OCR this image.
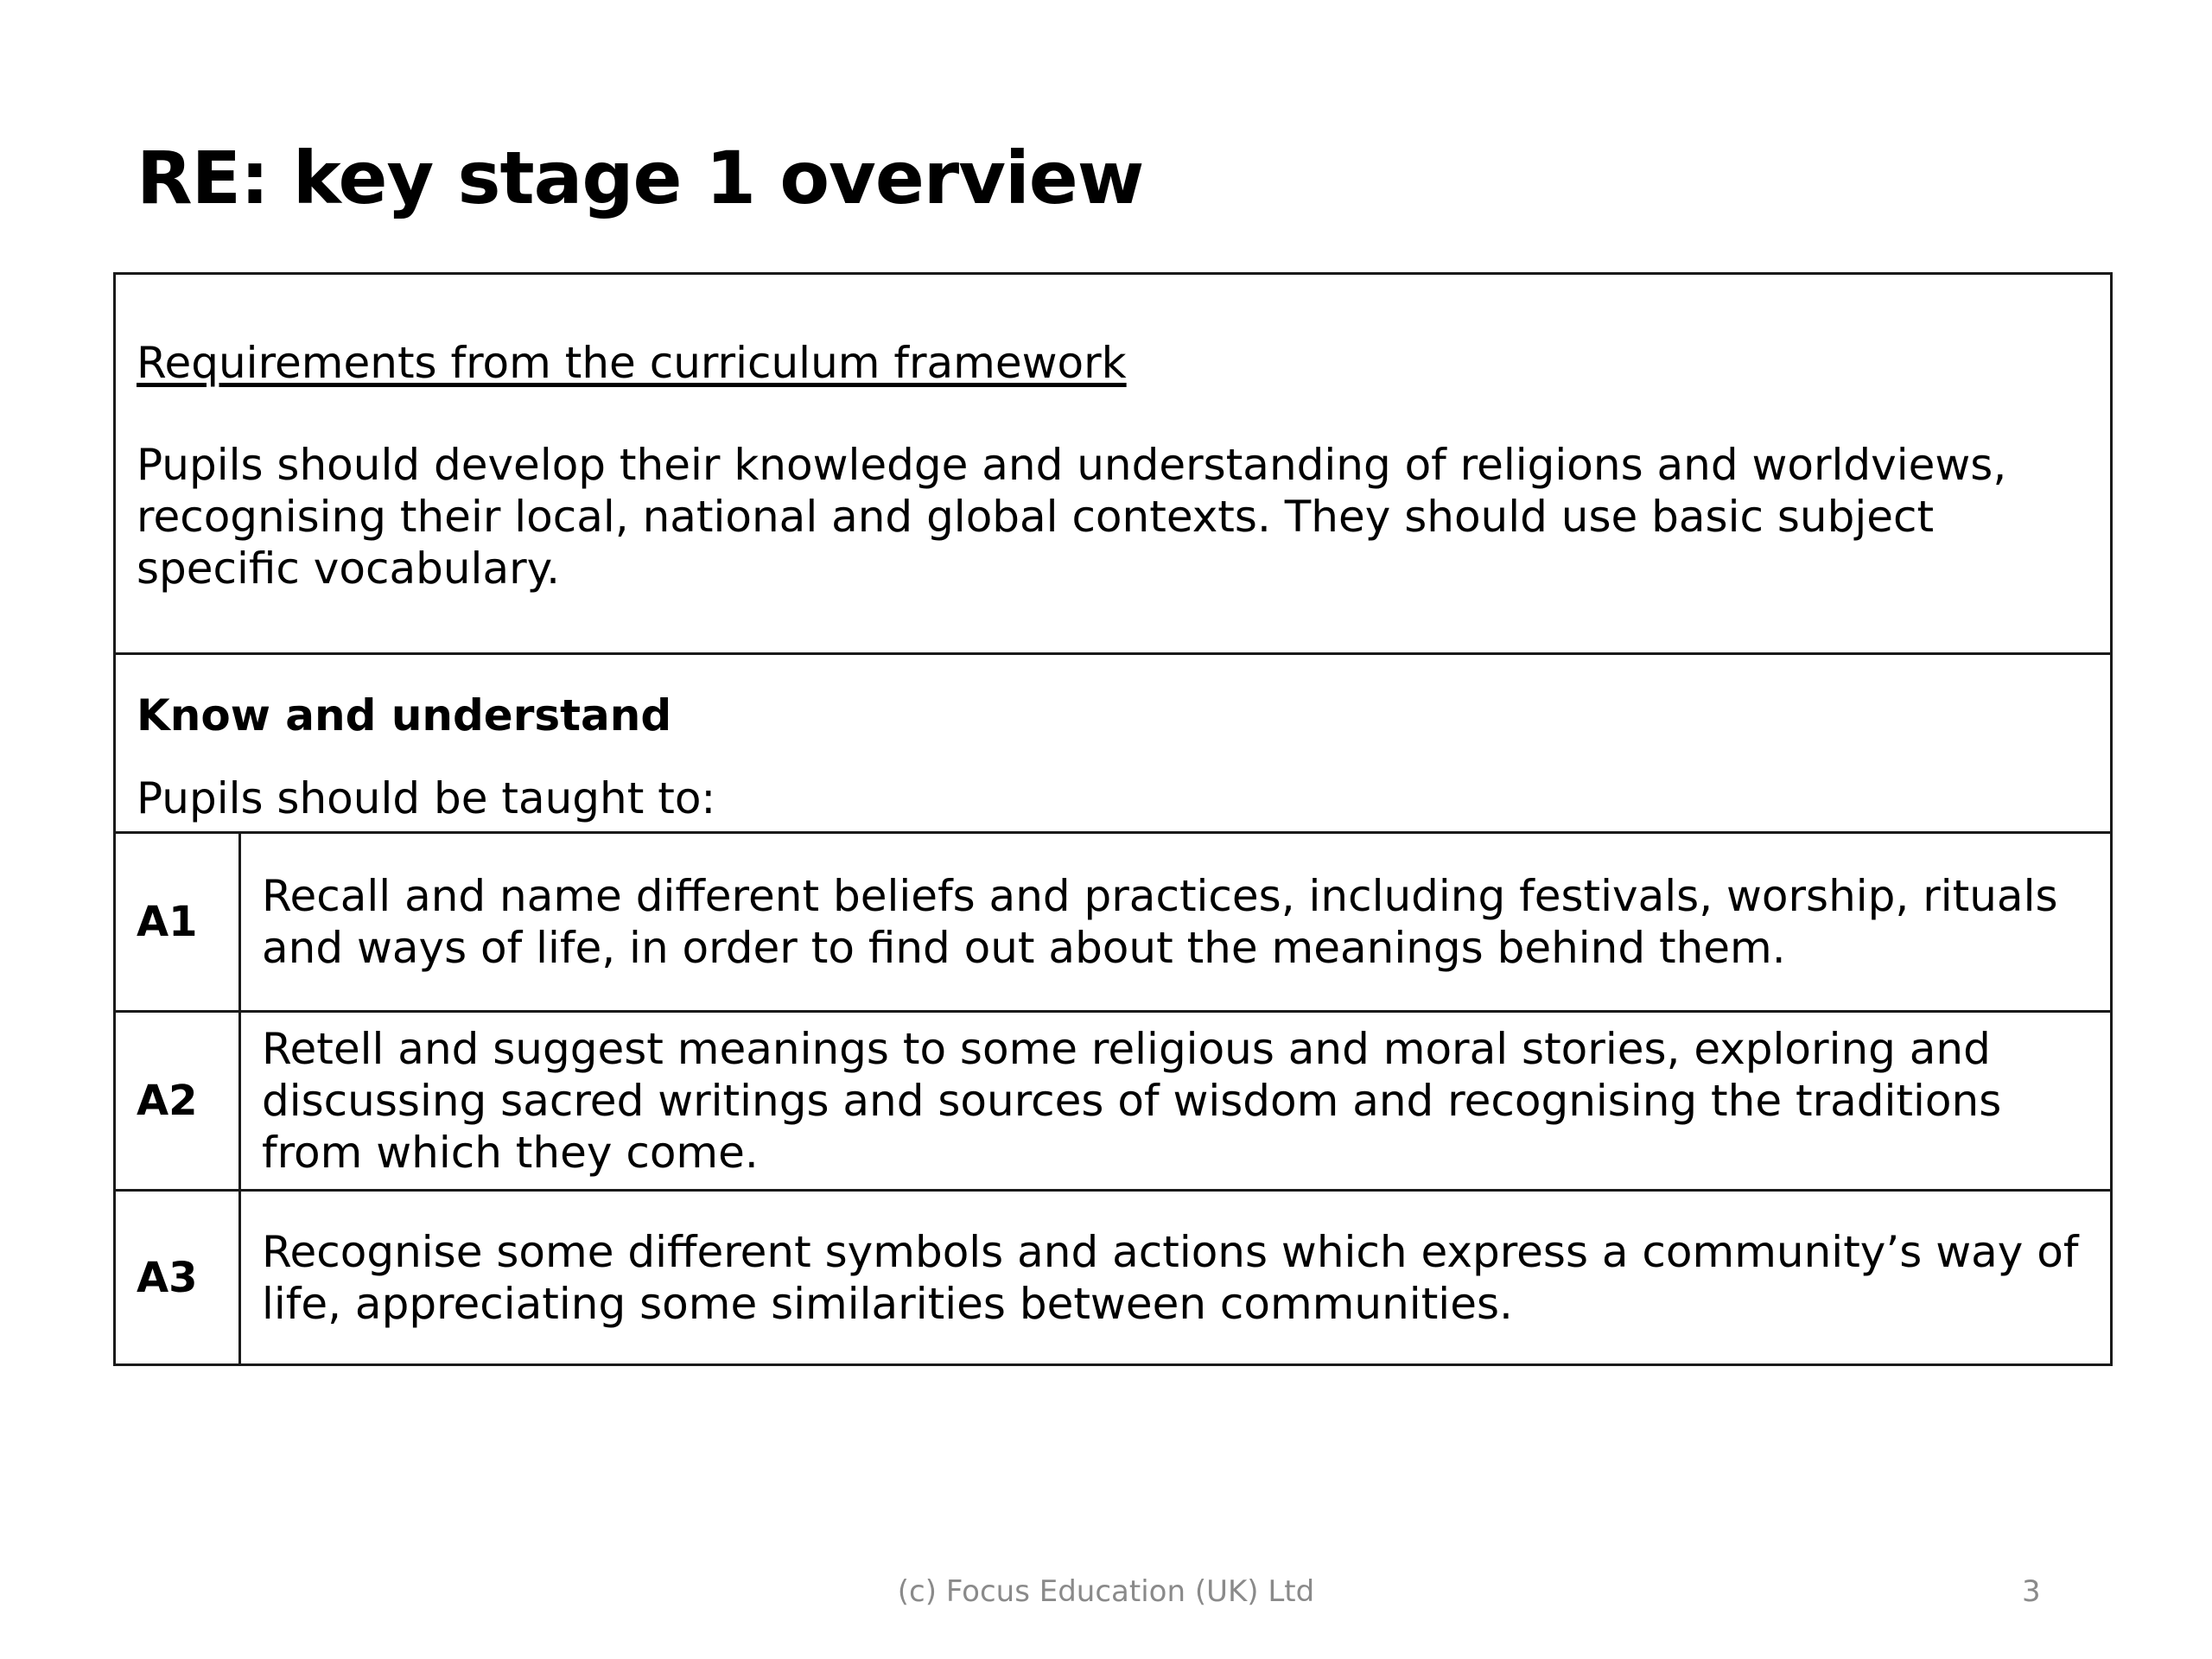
RE: key stage 1 overview

Requirements from the curriculum framework

Pupils should develop their knowledge and understanding of religions and worldviews, recognising their local, national and global contexts. They should use basic subject specific vocabulary.

Know and understand

Pupils should be taught to:

A1
Recall and name different beliefs and practices, including festivals, worship, rituals and ways of life, in order to find out about the meanings behind them.
A2
Retell and suggest meanings to some religious and moral stories, exploring and discussing sacred writings and sources of wisdom and recognising the traditions from which they come.
A3
Recognise some different symbols and actions which express a community’s way of life, appreciating some similarities between communities.
(c) Focus Education (UK) Ltd	3
